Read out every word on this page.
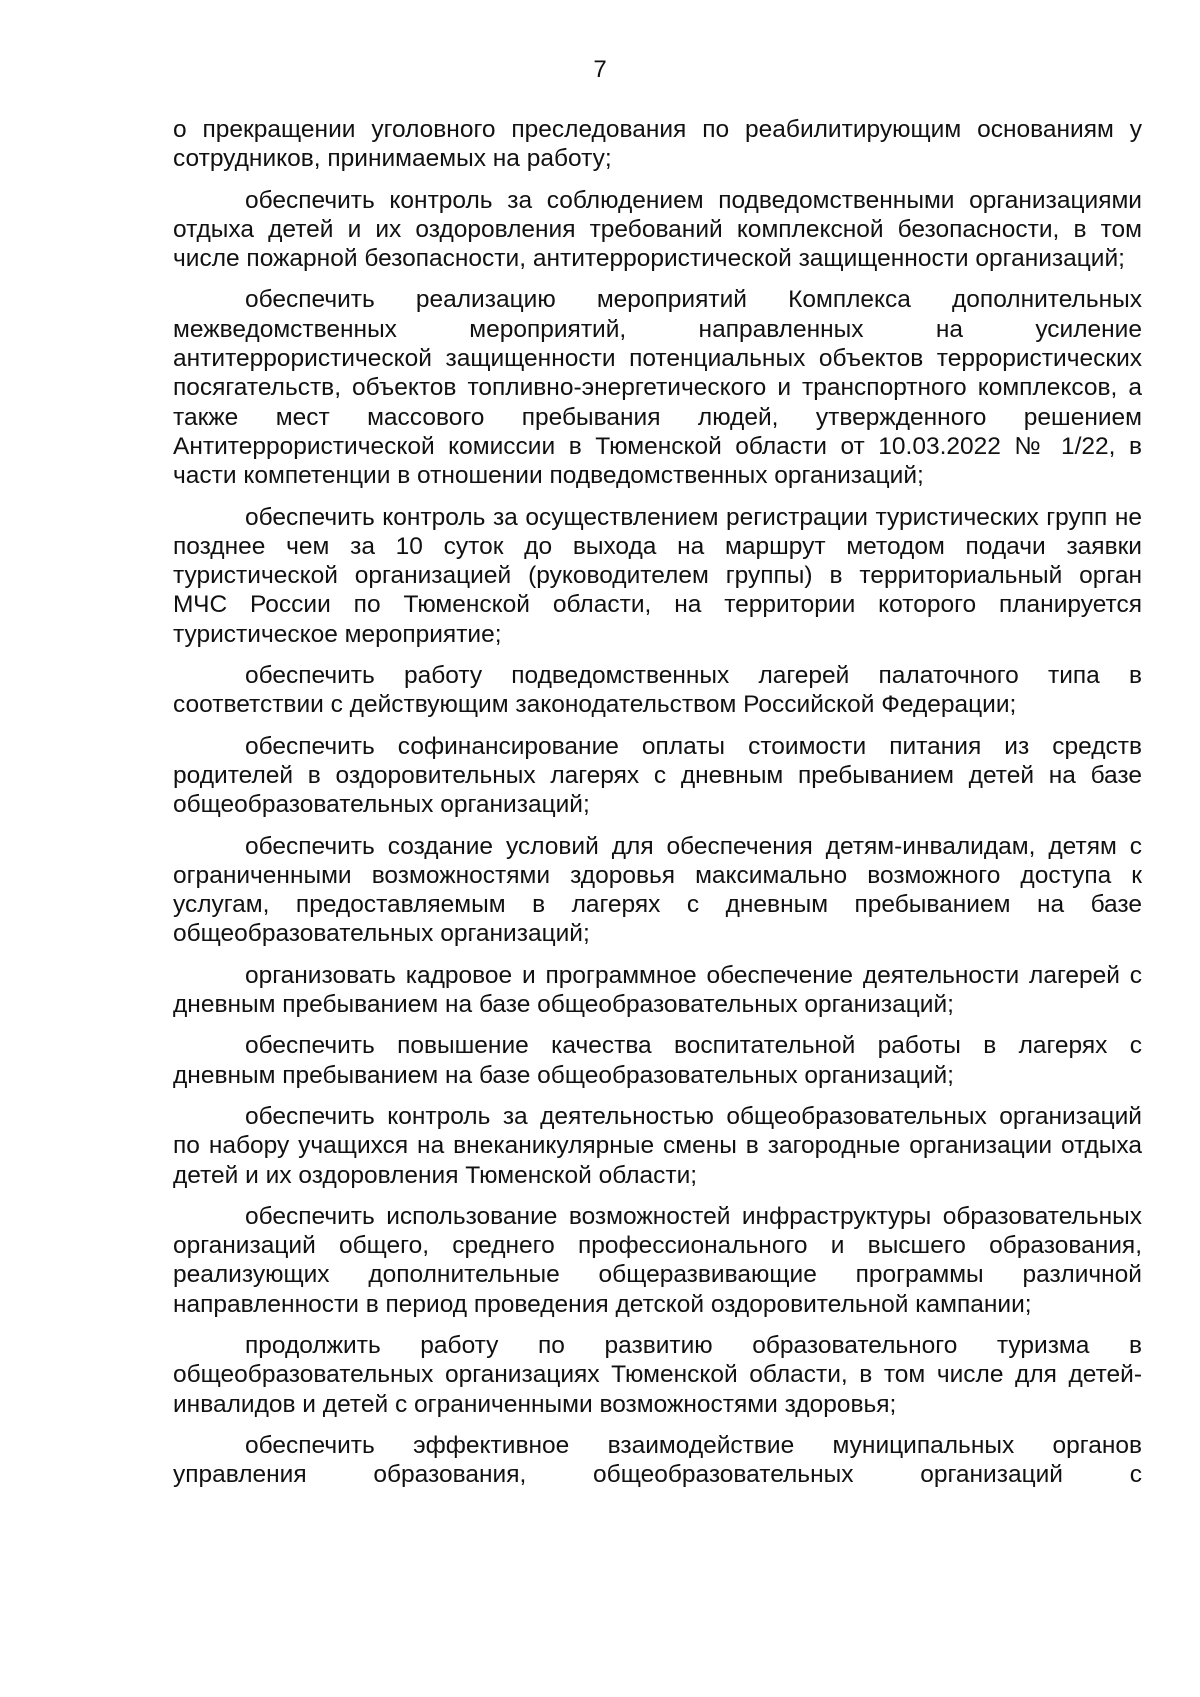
7

о прекращении уголовного преследования по реабилитирующим основаниям у сотрудников, принимаемых на работу;

обеспечить контроль за соблюдением подведомственными организациями отдыха детей и их оздоровления требований комплексной безопасности, в том числе пожарной безопасности, антитеррористической защищенности организаций;

обеспечить реализацию мероприятий Комплекса дополнительных межведомственных мероприятий, направленных на усиление антитеррористической защищенности потенциальных объектов террористических посягательств, объектов топливно-энергетического и транспортного комплексов, а также мест массового пребывания людей, утвержденного решением Антитеррористической комиссии в Тюменской области от 10.03.2022 № 1/22, в части компетенции в отношении подведомственных организаций;

обеспечить контроль за осуществлением регистрации туристических групп не позднее чем за 10 суток до выхода на маршрут методом подачи заявки туристической организацией (руководителем группы) в территориальный орган МЧС России по Тюменской области, на территории которого планируется туристическое мероприятие;

обеспечить работу подведомственных лагерей палаточного типа в соответствии с действующим законодательством Российской Федерации;

обеспечить софинансирование оплаты стоимости питания из средств родителей в оздоровительных лагерях с дневным пребыванием детей на базе общеобразовательных организаций;

обеспечить создание условий для обеспечения детям-инвалидам, детям с ограниченными возможностями здоровья максимально возможного доступа к услугам, предоставляемым в лагерях с дневным пребыванием на базе общеобразовательных организаций;

организовать кадровое и программное обеспечение деятельности лагерей с дневным пребыванием на базе общеобразовательных организаций;

обеспечить повышение качества воспитательной работы в лагерях с дневным пребыванием на базе общеобразовательных организаций;

обеспечить контроль за деятельностью общеобразовательных организаций по набору учащихся на внеканикулярные смены в загородные организации отдыха детей и их оздоровления Тюменской области;

обеспечить использование возможностей инфраструктуры образовательных организаций общего, среднего профессионального и высшего образования, реализующих дополнительные общеразвивающие программы различной направленности в период проведения детской оздоровительной кампании;

продолжить работу по развитию образовательного туризма в общеобразовательных организациях Тюменской области, в том числе для детей-инвалидов и детей с ограниченными возможностями здоровья;

обеспечить эффективное взаимодействие муниципальных органов управления образования, общеобразовательных организаций с
